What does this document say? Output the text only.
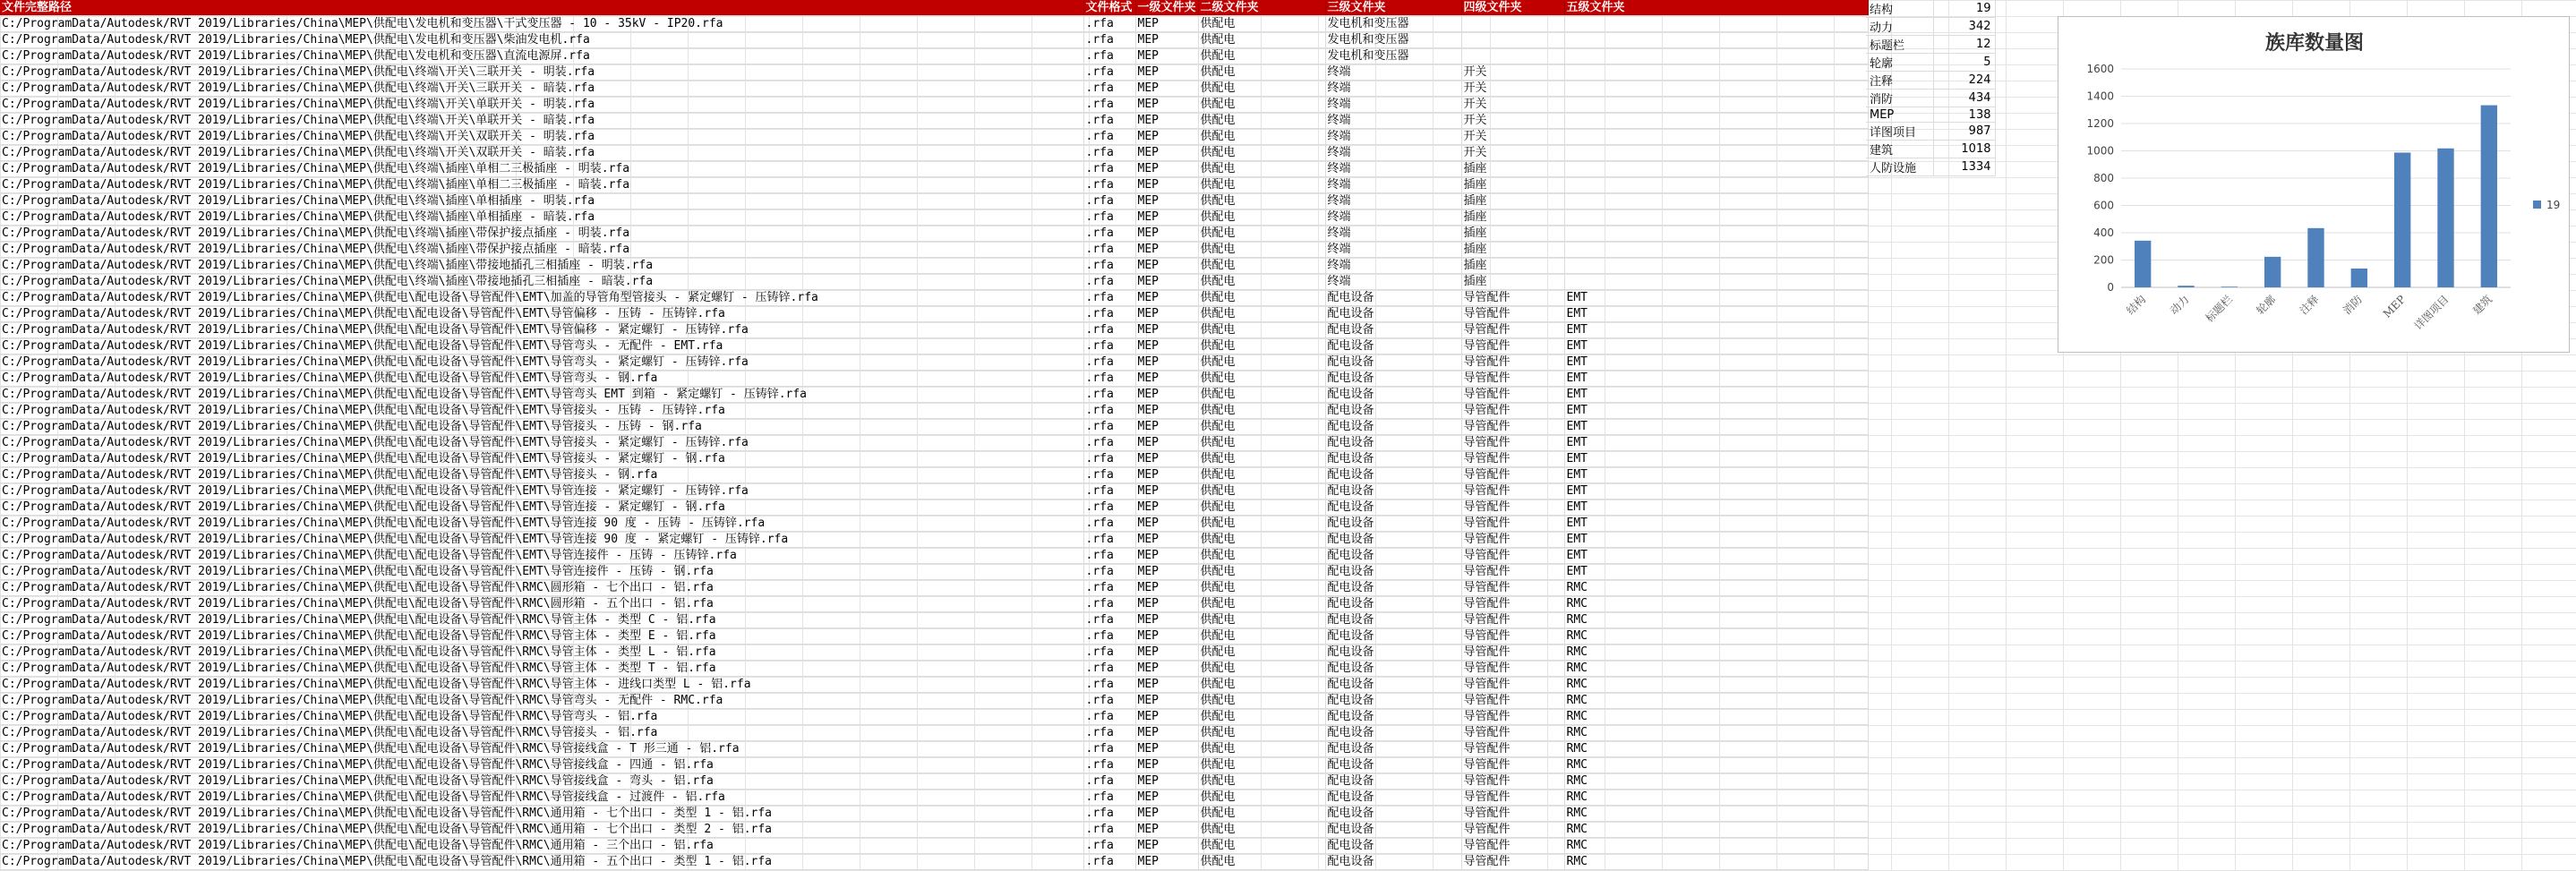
文件完整路径	文件格式	一级文件夹	二级文件夹	三级文件夹	四级文件夹	五级文件夹
C:/ProgramData/Autodesk/RVT 2019/Libraries/China\MEP\供配电\发电机和变压器\干式变压器 - 10 - 35kV - IP20.rfa	.rfa	MEP	供配电	发电机和变压器		
C:/ProgramData/Autodesk/RVT 2019/Libraries/China\MEP\供配电\发电机和变压器\柴油发电机.rfa	.rfa	MEP	供配电	发电机和变压器		
C:/ProgramData/Autodesk/RVT 2019/Libraries/China\MEP\供配电\发电机和变压器\直流电源屏.rfa	.rfa	MEP	供配电	发电机和变压器		
C:/ProgramData/Autodesk/RVT 2019/Libraries/China\MEP\供配电\终端\开关\三联开关 - 明装.rfa	.rfa	MEP	供配电	终端	开关	
C:/ProgramData/Autodesk/RVT 2019/Libraries/China\MEP\供配电\终端\开关\三联开关 - 暗装.rfa	.rfa	MEP	供配电	终端	开关	
C:/ProgramData/Autodesk/RVT 2019/Libraries/China\MEP\供配电\终端\开关\单联开关 - 明装.rfa	.rfa	MEP	供配电	终端	开关	
C:/ProgramData/Autodesk/RVT 2019/Libraries/China\MEP\供配电\终端\开关\单联开关 - 暗装.rfa	.rfa	MEP	供配电	终端	开关	
C:/ProgramData/Autodesk/RVT 2019/Libraries/China\MEP\供配电\终端\开关\双联开关 - 明装.rfa	.rfa	MEP	供配电	终端	开关	
C:/ProgramData/Autodesk/RVT 2019/Libraries/China\MEP\供配电\终端\开关\双联开关 - 暗装.rfa	.rfa	MEP	供配电	终端	开关	
C:/ProgramData/Autodesk/RVT 2019/Libraries/China\MEP\供配电\终端\插座\单相二三极插座 - 明装.rfa	.rfa	MEP	供配电	终端	插座	
C:/ProgramData/Autodesk/RVT 2019/Libraries/China\MEP\供配电\终端\插座\单相二三极插座 - 暗装.rfa	.rfa	MEP	供配电	终端	插座	
C:/ProgramData/Autodesk/RVT 2019/Libraries/China\MEP\供配电\终端\插座\单相插座 - 明装.rfa	.rfa	MEP	供配电	终端	插座	
C:/ProgramData/Autodesk/RVT 2019/Libraries/China\MEP\供配电\终端\插座\单相插座 - 暗装.rfa	.rfa	MEP	供配电	终端	插座	
C:/ProgramData/Autodesk/RVT 2019/Libraries/China\MEP\供配电\终端\插座\带保护接点插座 - 明装.rfa	.rfa	MEP	供配电	终端	插座	
C:/ProgramData/Autodesk/RVT 2019/Libraries/China\MEP\供配电\终端\插座\带保护接点插座 - 暗装.rfa	.rfa	MEP	供配电	终端	插座	
C:/ProgramData/Autodesk/RVT 2019/Libraries/China\MEP\供配电\终端\插座\带接地插孔三相插座 - 明装.rfa	.rfa	MEP	供配电	终端	插座	
C:/ProgramData/Autodesk/RVT 2019/Libraries/China\MEP\供配电\终端\插座\带接地插孔三相插座 - 暗装.rfa	.rfa	MEP	供配电	终端	插座	
C:/ProgramData/Autodesk/RVT 2019/Libraries/China\MEP\供配电\配电设备\导管配件\EMT\加盖的导管角型管接头 - 紧定螺钉 - 压铸锌.rfa	.rfa	MEP	供配电	配电设备	导管配件	EMT
C:/ProgramData/Autodesk/RVT 2019/Libraries/China\MEP\供配电\配电设备\导管配件\EMT\导管偏移 - 压铸 - 压铸锌.rfa	.rfa	MEP	供配电	配电设备	导管配件	EMT
C:/ProgramData/Autodesk/RVT 2019/Libraries/China\MEP\供配电\配电设备\导管配件\EMT\导管偏移 - 紧定螺钉 - 压铸锌.rfa	.rfa	MEP	供配电	配电设备	导管配件	EMT
C:/ProgramData/Autodesk/RVT 2019/Libraries/China\MEP\供配电\配电设备\导管配件\EMT\导管弯头 - 无配件 - EMT.rfa	.rfa	MEP	供配电	配电设备	导管配件	EMT
C:/ProgramData/Autodesk/RVT 2019/Libraries/China\MEP\供配电\配电设备\导管配件\EMT\导管弯头 - 紧定螺钉 - 压铸锌.rfa	.rfa	MEP	供配电	配电设备	导管配件	EMT
C:/ProgramData/Autodesk/RVT 2019/Libraries/China\MEP\供配电\配电设备\导管配件\EMT\导管弯头 - 钢.rfa	.rfa	MEP	供配电	配电设备	导管配件	EMT
C:/ProgramData/Autodesk/RVT 2019/Libraries/China\MEP\供配电\配电设备\导管配件\EMT\导管弯头 EMT 到箱 - 紧定螺钉 - 压铸锌.rfa	.rfa	MEP	供配电	配电设备	导管配件	EMT
C:/ProgramData/Autodesk/RVT 2019/Libraries/China\MEP\供配电\配电设备\导管配件\EMT\导管接头 - 压铸 - 压铸锌.rfa	.rfa	MEP	供配电	配电设备	导管配件	EMT
C:/ProgramData/Autodesk/RVT 2019/Libraries/China\MEP\供配电\配电设备\导管配件\EMT\导管接头 - 压铸 - 钢.rfa	.rfa	MEP	供配电	配电设备	导管配件	EMT
C:/ProgramData/Autodesk/RVT 2019/Libraries/China\MEP\供配电\配电设备\导管配件\EMT\导管接头 - 紧定螺钉 - 压铸锌.rfa	.rfa	MEP	供配电	配电设备	导管配件	EMT
C:/ProgramData/Autodesk/RVT 2019/Libraries/China\MEP\供配电\配电设备\导管配件\EMT\导管接头 - 紧定螺钉 - 钢.rfa	.rfa	MEP	供配电	配电设备	导管配件	EMT
C:/ProgramData/Autodesk/RVT 2019/Libraries/China\MEP\供配电\配电设备\导管配件\EMT\导管接头 - 钢.rfa	.rfa	MEP	供配电	配电设备	导管配件	EMT
C:/ProgramData/Autodesk/RVT 2019/Libraries/China\MEP\供配电\配电设备\导管配件\EMT\导管连接 - 紧定螺钉 - 压铸锌.rfa	.rfa	MEP	供配电	配电设备	导管配件	EMT
C:/ProgramData/Autodesk/RVT 2019/Libraries/China\MEP\供配电\配电设备\导管配件\EMT\导管连接 - 紧定螺钉 - 钢.rfa	.rfa	MEP	供配电	配电设备	导管配件	EMT
C:/ProgramData/Autodesk/RVT 2019/Libraries/China\MEP\供配电\配电设备\导管配件\EMT\导管连接 90 度 - 压铸 - 压铸锌.rfa	.rfa	MEP	供配电	配电设备	导管配件	EMT
C:/ProgramData/Autodesk/RVT 2019/Libraries/China\MEP\供配电\配电设备\导管配件\EMT\导管连接 90 度 - 紧定螺钉 - 压铸锌.rfa	.rfa	MEP	供配电	配电设备	导管配件	EMT
C:/ProgramData/Autodesk/RVT 2019/Libraries/China\MEP\供配电\配电设备\导管配件\EMT\导管连接件 - 压铸 - 压铸锌.rfa	.rfa	MEP	供配电	配电设备	导管配件	EMT
C:/ProgramData/Autodesk/RVT 2019/Libraries/China\MEP\供配电\配电设备\导管配件\EMT\导管连接件 - 压铸 - 钢.rfa	.rfa	MEP	供配电	配电设备	导管配件	EMT
C:/ProgramData/Autodesk/RVT 2019/Libraries/China\MEP\供配电\配电设备\导管配件\RMC\圆形箱 - 七个出口 - 铝.rfa	.rfa	MEP	供配电	配电设备	导管配件	RMC
C:/ProgramData/Autodesk/RVT 2019/Libraries/China\MEP\供配电\配电设备\导管配件\RMC\圆形箱 - 五个出口 - 铝.rfa	.rfa	MEP	供配电	配电设备	导管配件	RMC
C:/ProgramData/Autodesk/RVT 2019/Libraries/China\MEP\供配电\配电设备\导管配件\RMC\导管主体 - 类型 C - 铝.rfa	.rfa	MEP	供配电	配电设备	导管配件	RMC
C:/ProgramData/Autodesk/RVT 2019/Libraries/China\MEP\供配电\配电设备\导管配件\RMC\导管主体 - 类型 E - 铝.rfa	.rfa	MEP	供配电	配电设备	导管配件	RMC
C:/ProgramData/Autodesk/RVT 2019/Libraries/China\MEP\供配电\配电设备\导管配件\RMC\导管主体 - 类型 L - 铝.rfa	.rfa	MEP	供配电	配电设备	导管配件	RMC
C:/ProgramData/Autodesk/RVT 2019/Libraries/China\MEP\供配电\配电设备\导管配件\RMC\导管主体 - 类型 T - 铝.rfa	.rfa	MEP	供配电	配电设备	导管配件	RMC
C:/ProgramData/Autodesk/RVT 2019/Libraries/China\MEP\供配电\配电设备\导管配件\RMC\导管主体 - 进线口类型 L - 铝.rfa	.rfa	MEP	供配电	配电设备	导管配件	RMC
C:/ProgramData/Autodesk/RVT 2019/Libraries/China\MEP\供配电\配电设备\导管配件\RMC\导管弯头 - 无配件 - RMC.rfa	.rfa	MEP	供配电	配电设备	导管配件	RMC
C:/ProgramData/Autodesk/RVT 2019/Libraries/China\MEP\供配电\配电设备\导管配件\RMC\导管弯头 - 铝.rfa	.rfa	MEP	供配电	配电设备	导管配件	RMC
C:/ProgramData/Autodesk/RVT 2019/Libraries/China\MEP\供配电\配电设备\导管配件\RMC\导管接头 - 铝.rfa	.rfa	MEP	供配电	配电设备	导管配件	RMC
C:/ProgramData/Autodesk/RVT 2019/Libraries/China\MEP\供配电\配电设备\导管配件\RMC\导管接线盒 - T 形三通 - 铝.rfa	.rfa	MEP	供配电	配电设备	导管配件	RMC
C:/ProgramData/Autodesk/RVT 2019/Libraries/China\MEP\供配电\配电设备\导管配件\RMC\导管接线盒 - 四通 - 铝.rfa	.rfa	MEP	供配电	配电设备	导管配件	RMC
C:/ProgramData/Autodesk/RVT 2019/Libraries/China\MEP\供配电\配电设备\导管配件\RMC\导管接线盒 - 弯头 - 铝.rfa	.rfa	MEP	供配电	配电设备	导管配件	RMC
C:/ProgramData/Autodesk/RVT 2019/Libraries/China\MEP\供配电\配电设备\导管配件\RMC\导管接线盒 - 过渡件 - 铝.rfa	.rfa	MEP	供配电	配电设备	导管配件	RMC
C:/ProgramData/Autodesk/RVT 2019/Libraries/China\MEP\供配电\配电设备\导管配件\RMC\通用箱 - 七个出口 - 类型 1 - 铝.rfa	.rfa	MEP	供配电	配电设备	导管配件	RMC
C:/ProgramData/Autodesk/RVT 2019/Libraries/China\MEP\供配电\配电设备\导管配件\RMC\通用箱 - 七个出口 - 类型 2 - 铝.rfa	.rfa	MEP	供配电	配电设备	导管配件	RMC
C:/ProgramData/Autodesk/RVT 2019/Libraries/China\MEP\供配电\配电设备\导管配件\RMC\通用箱 - 三个出口 - 铝.rfa	.rfa	MEP	供配电	配电设备	导管配件	RMC
C:/ProgramData/Autodesk/RVT 2019/Libraries/China\MEP\供配电\配电设备\导管配件\RMC\通用箱 - 五个出口 - 类型 1 - 铝.rfa	.rfa	MEP	供配电	配电设备	导管配件	RMC
结构	19
动力	342
标题栏	12
轮廓	5
注释	224
消防	434
MEP	138
详图项目	987
建筑	1018
人防设施	1334
族库数量图
0
200
400
600
800
1000
1200
1400
1600
结构 动力 标题栏 轮廓 注释 消防 MEP 详图项目 建筑
19
